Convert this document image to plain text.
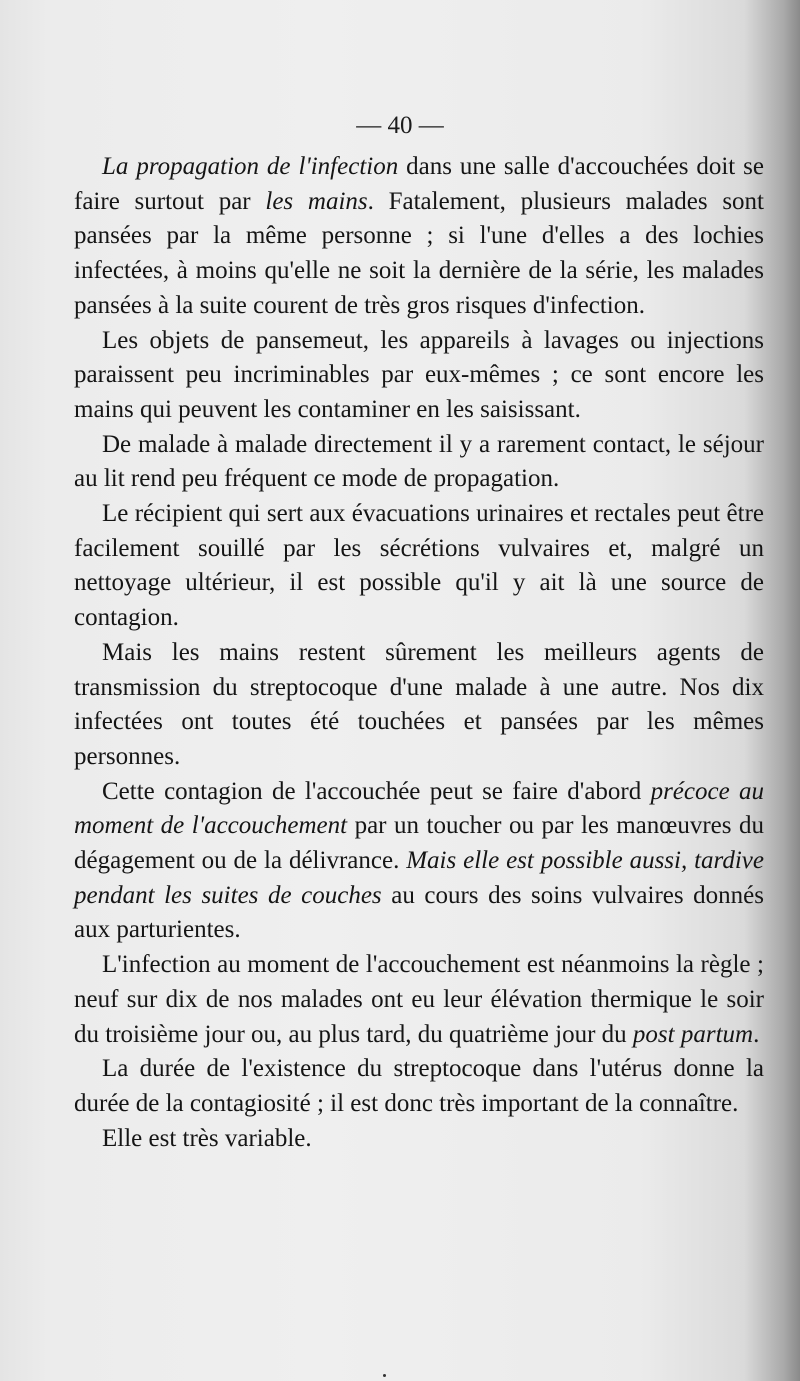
— 40 —

La propagation de l'infection dans une salle d'accouchées doit se faire surtout par les mains. Fatalement, plusieurs malades sont pansées par la même personne ; si l'une d'elles a des lochies infectées, à moins qu'elle ne soit la dernière de la série, les malades pansées à la suite courent de très gros risques d'infection.

Les objets de pansemeut, les appareils à lavages ou injections paraissent peu incriminables par eux-mêmes ; ce sont encore les mains qui peuvent les contaminer en les saisissant.

De malade à malade directement il y a rarement contact, le séjour au lit rend peu fréquent ce mode de propagation.

Le récipient qui sert aux évacuations urinaires et rectales peut être facilement souillé par les sécrétions vulvaires et, malgré un nettoyage ultérieur, il est possible qu'il y ait là une source de contagion.

Mais les mains restent sûrement les meilleurs agents de transmission du streptocoque d'une malade à une autre. Nos dix infectées ont toutes été touchées et pansées par les mêmes personnes.

Cette contagion de l'accouchée peut se faire d'abord précoce au moment de l'accouchement par un toucher ou par les manœuvres du dégagement ou de la délivrance. Mais elle est possible aussi, tardive pendant les suites de couches au cours des soins vulvaires donnés aux parturientes.

L'infection au moment de l'accouchement est néanmoins la règle ; neuf sur dix de nos malades ont eu leur élévation thermique le soir du troisième jour ou, au plus tard, du quatrième jour du post partum.

La durée de l'existence du streptocoque dans l'utérus donne la durée de la contagiosité ; il est donc très important de la connaître.

Elle est très variable.
